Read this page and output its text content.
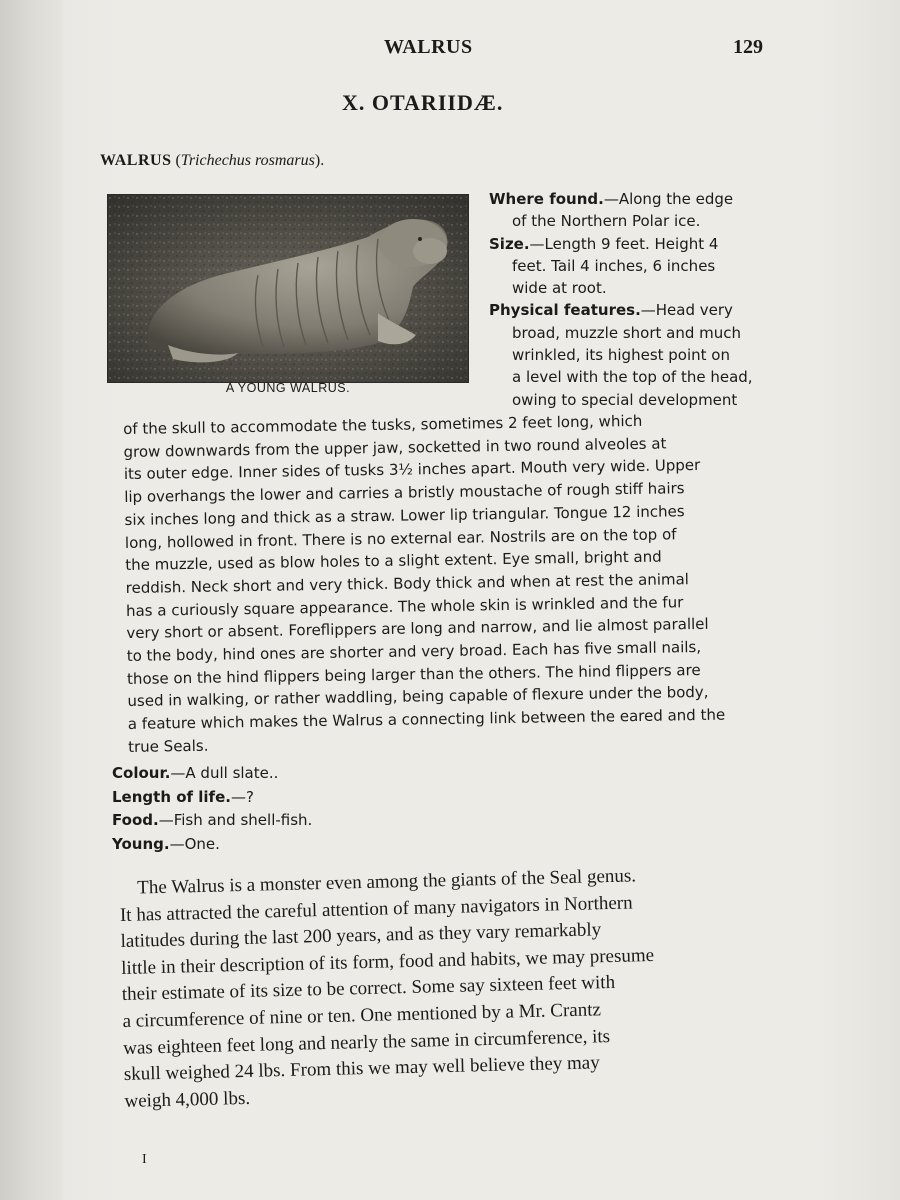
WALRUS	129
X. OTARIIDÆ.
WALRUS (Trichechus rosmarus).
A YOUNG WALRUS.
Where found.—Along the edge
of the Northern Polar ice.
Size.—Length 9 feet. Height 4
feet. Tail 4 inches, 6 inches
wide at root.
Physical features.—Head very
broad, muzzle short and much
wrinkled, its highest point on
a level with the top of the head,
owing to special development
of the skull to accommodate the tusks, sometimes 2 feet long, which
grow downwards from the upper jaw, socketted in two round alveoles at
its outer edge. Inner sides of tusks 3½ inches apart. Mouth very wide. Upper
lip overhangs the lower and carries a bristly moustache of rough stiff hairs
six inches long and thick as a straw. Lower lip triangular. Tongue 12 inches
long, hollowed in front. There is no external ear. Nostrils are on the top of
the muzzle, used as blow holes to a slight extent. Eye small, bright and
reddish. Neck short and very thick. Body thick and when at rest the animal
has a curiously square appearance. The whole skin is wrinkled and the fur
very short or absent. Foreflippers are long and narrow, and lie almost parallel
to the body, hind ones are shorter and very broad. Each has five small nails,
those on the hind flippers being larger than the others. The hind flippers are
used in walking, or rather waddling, being capable of flexure under the body,
a feature which makes the Walrus a connecting link between the eared and the
true Seals.
Colour.—A dull slate..
Length of life.—?
Food.—Fish and shell-fish.
Young.—One.
The Walrus is a monster even among the giants of the Seal genus.
It has attracted the careful attention of many navigators in Northern
latitudes during the last 200 years, and as they vary remarkably
little in their description of its form, food and habits, we may presume
their estimate of its size to be correct. Some say sixteen feet with
a circumference of nine or ten. One mentioned by a Mr. Crantz
was eighteen feet long and nearly the same in circumference, its
skull weighed 24 lbs. From this we may well believe they may
weigh 4,000 lbs.
I
